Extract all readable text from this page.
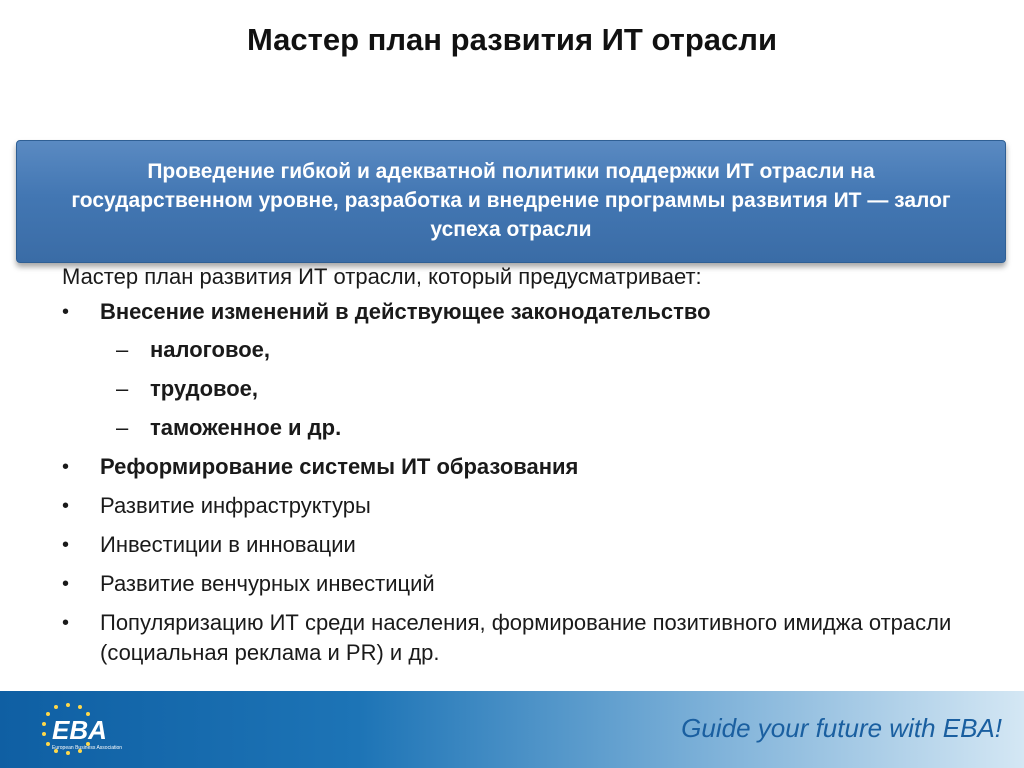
Мастер план развития ИТ отрасли
Проведение гибкой и адекватной политики поддержки ИТ отрасли на государственном уровне, разработка и внедрение программы развития ИТ — залог успеха отрасли
Мастер план развития ИТ отрасли, который предусматривает:
• Внесение изменений в действующее законодательство
– налоговое,
– трудовое,
– таможенное и др.
• Реформирование системы ИТ образования
• Развитие инфраструктуры
• Инвестиции в инновации
• Развитие венчурных инвестиций
• Популяризацию ИТ среди населения, формирование позитивного имиджа отрасли (социальная реклама и PR) и др.
EBA
European Business Association
Guide your future with EBA!
